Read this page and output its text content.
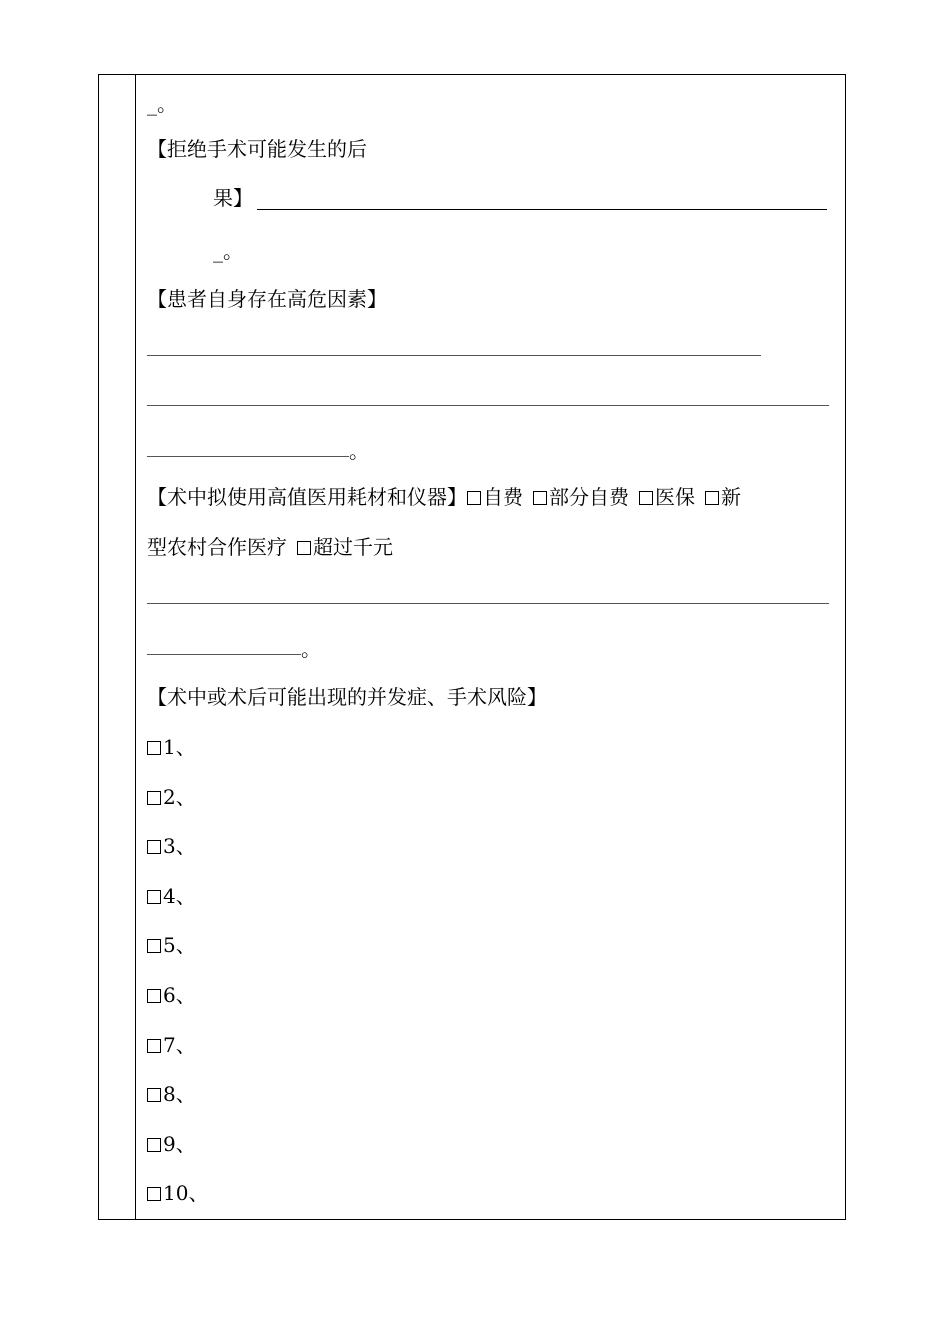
_。
【拒绝手术可能发生的后
果】
_。
【患者自身存在高危因素】
。
【术中拟使用高值医用耗材和仪器】 自费 部分自费 医保 新
型农村合作医疗 超过千元
。
【术中或术后可能出现的并发症、手术风险】
1、
2、
3、
4、
5、
6、
7、
8、
9、
10、
